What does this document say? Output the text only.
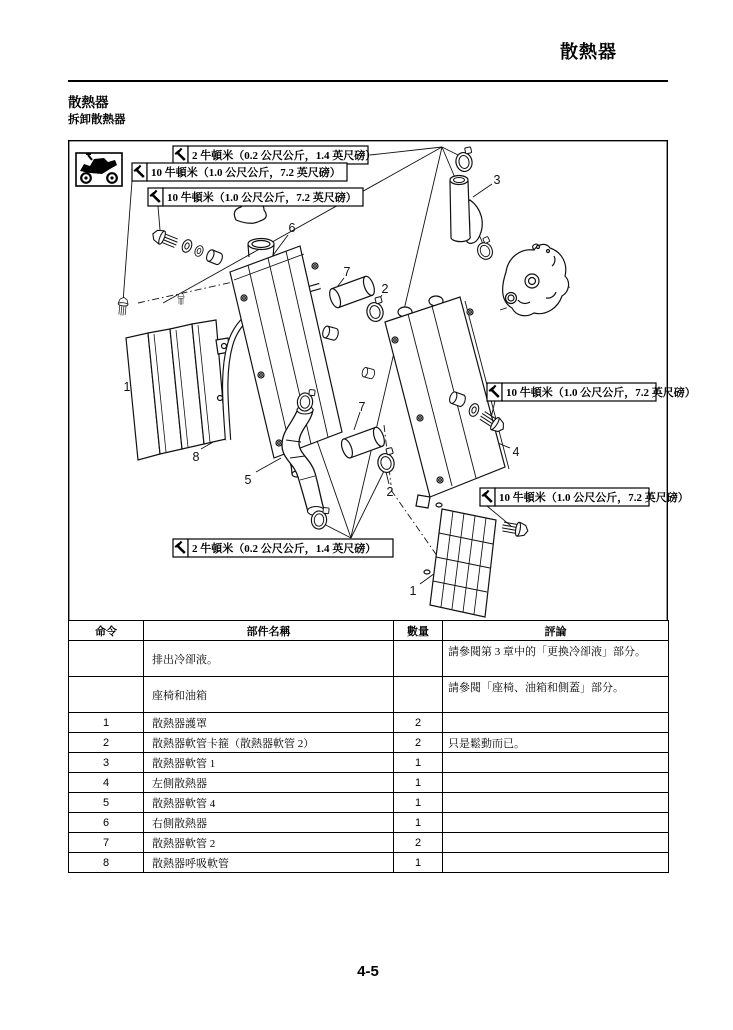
散熱器
散熱器
拆卸散熱器
2 牛頓米（0.2 公尺公斤，1.4 英尺磅）
10 牛頓米（1.0 公尺公斤，7.2 英尺磅）
10 牛頓米（1.0 公尺公斤，7.2 英尺磅）
10 牛頓米（1.0 公尺公斤，7.2 英尺磅）
10 牛頓米（1.0 公尺公斤，7.2 英尺磅）
2 牛頓米（0.2 公尺公斤，1.4 英尺磅）
6
7
2
3
1
8
5
7
2
4
1
命令	部件名稱	數量	評論
	排出冷卻液。		請參閱第 3 章中的「更換冷卻液」部分。
	座椅和油箱		請參閱「座椅、油箱和側蓋」部分。
1	散熱器護罩	2	
2	散熱器軟管卡箍（散熱器軟管 2）	2	只是鬆動而已。
3	散熱器軟管 1	1	
4	左側散熱器	1	
5	散熱器軟管 4	1	
6	右側散熱器	1	
7	散熱器軟管 2	2	
8	散熱器呼吸軟管	1	
4-5
